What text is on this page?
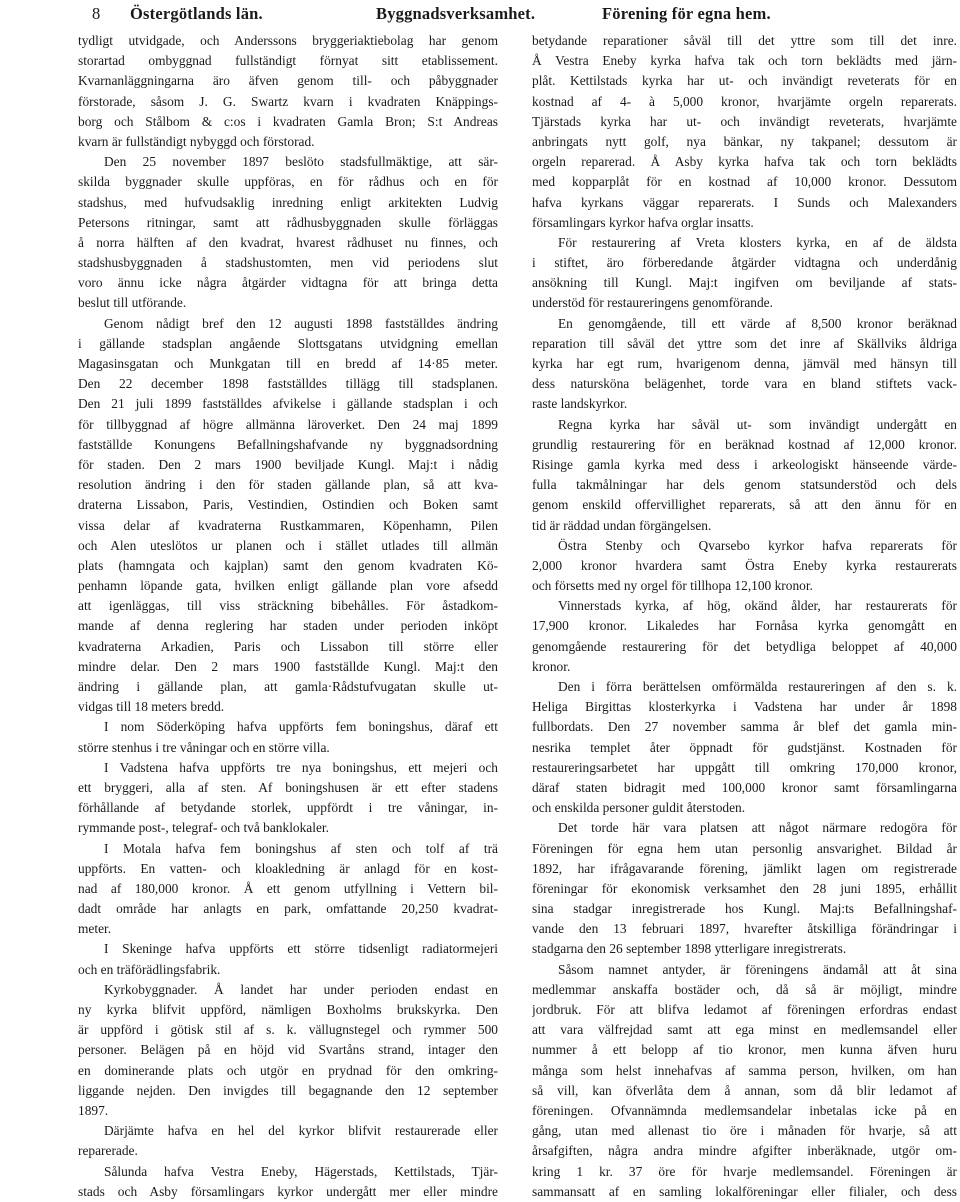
8 Östergötlands län.	Byggnadsverksamhet.	Förening för egna hem.
tydligt utvidgade, och Anderssons bryggeriaktiebolag har genom
storartad ombyggnad fullständigt förnyat sitt etablissement.
Kvarnanläggningarna äro äfven genom till- och påbyggnader
förstorade, såsom J. G. Swartz kvarn i kvadraten Knäppings-
borg och Stålbom & c:os i kvadraten Gamla Bron; S:t Andreas
kvarn är fullständigt nybyggd och förstorad.
Den 25 november 1897 beslöto stadsfullmäktige, att sär-
skilda byggnader skulle uppföras, en för rådhus och en för
stadshus, med hufvudsaklig inredning enligt arkitekten Ludvig
Petersons ritningar, samt att rådhusbyggnaden skulle förläggas
å norra hälften af den kvadrat, hvarest rådhuset nu finnes, och
stadshusbyggnaden å stadshustomten, men vid periodens slut
voro ännu icke några åtgärder vidtagna för att bringa detta
beslut till utförande.
Genom nådigt bref den 12 augusti 1898 fastställdes ändring
i gällande stadsplan angående Slottsgatans utvidgning emellan
Magasinsgatan och Munkgatan till en bredd af 14·85 meter.
Den 22 december 1898 fastställdes tillägg till stadsplanen.
Den 21 juli 1899 fastställdes afvikelse i gällande stadsplan i och
för tillbyggnad af högre allmänna läroverket. Den 24 maj 1899
fastställde Konungens Befallningshafvande ny byggnadsordning
för staden. Den 2 mars 1900 beviljade Kungl. Maj:t i nådig
resolution ändring i den för staden gällande plan, så att kva-
draterna Lissabon, Paris, Vestindien, Ostindien och Boken samt
vissa delar af kvadraterna Rustkammaren, Köpenhamn, Pilen
och Alen uteslötos ur planen och i stället utlades till allmän
plats (hamngata och kajplan) samt den genom kvadraten Kö-
penhamn löpande gata, hvilken enligt gällande plan vore afsedd
att igenläggas, till viss sträckning bibehålles. För åstadkom-
mande af denna reglering har staden under perioden inköpt
kvadraterna Arkadien, Paris och Lissabon till större eller
mindre delar. Den 2 mars 1900 fastställde Kungl. Maj:t den
ändring i gällande plan, att gamla·Rådstufvugatan skulle ut-
vidgas till 18 meters bredd.
I nom Söderköping hafva uppförts fem boningshus, däraf ett
större stenhus i tre våningar och en större villa.
I Vadstena hafva uppförts tre nya boningshus, ett mejeri och
ett bryggeri, alla af sten. Af boningshusen är ett efter stadens
förhållande af betydande storlek, uppfördt i tre våningar, in-
rymmande post-, telegraf- och två banklokaler.
I Motala hafva fem boningshus af sten och tolf af trä
uppförts. En vatten- och kloakledning är anlagd för en kost-
nad af 180,000 kronor. Å ett genom utfyllning i Vettern bil-
dadt område har anlagts en park, omfattande 20,250 kvadrat-
meter.
I Skeninge hafva uppförts ett större tidsenligt radiatormejeri
och en träförädlingsfabrik.
Kyrkobyggnader. Å landet har under perioden endast en
ny kyrka blifvit uppförd, nämligen Boxholms brukskyrka. Den
är uppförd i götisk stil af s. k. vällugnstegel och rymmer 500
personer. Belägen på en höjd vid Svartåns strand, intager den
en dominerande plats och utgör en prydnad för den omkring-
liggande nejden. Den invigdes till begagnande den 12 september
1897.
Därjämte hafva en hel del kyrkor blifvit restaurerade eller
reparerade.
Sålunda hafva Vestra Eneby, Hägerstads, Kettilstads, Tjär-
stads och Asby församlingars kyrkor undergått mer eller mindre
betydande reparationer såväl till det yttre som till det inre.
Å Vestra Eneby kyrka hafva tak och torn beklädts med järn-
plåt. Kettilstads kyrka har ut- och invändigt reveterats för en
kostnad af 4- à 5,000 kronor, hvarjämte orgeln reparerats.
Tjärstads kyrka har ut- och invändigt reveterats, hvarjämte
anbringats nytt golf, nya bänkar, ny takpanel; dessutom är
orgeln reparerad. Å Asby kyrka hafva tak och torn beklädts
med kopparplåt för en kostnad af 10,000 kronor. Dessutom
hafva kyrkans väggar reparerats. I Sunds och Malexanders
församlingars kyrkor hafva orglar insatts.
För restaurering af Vreta klosters kyrka, en af de äldsta
i stiftet, äro förberedande åtgärder vidtagna och underdånig
ansökning till Kungl. Maj:t ingifven om beviljande af stats-
understöd för restaureringens genomförande.
En genomgående, till ett värde af 8,500 kronor beräknad
reparation till såväl det yttre som det inre af Skällviks åldriga
kyrka har egt rum, hvarigenom denna, jämväl med hänsyn till
dess natursköna belägenhet, torde vara en bland stiftets vack-
raste landskyrkor.
Regna kyrka har såväl ut- som invändigt undergått en
grundlig restaurering för en beräknad kostnad af 12,000 kronor.
Risinge gamla kyrka med dess i arkeologiskt hänseende värde-
fulla takmålningar har dels genom statsunderstöd och dels
genom enskild offervillighet reparerats, så att den ännu för en
tid är räddad undan förgängelsen.
Östra Stenby och Qvarsebo kyrkor hafva reparerats för
2,000 kronor hvardera samt Östra Eneby kyrka restaurerats
och försetts med ny orgel för tillhopa 12,100 kronor.
Vinnerstads kyrka, af hög, okänd ålder, har restaurerats för
17,900 kronor. Likaledes har Fornåsa kyrka genomgått en
genomgående restaurering för det betydliga beloppet af 40,000
kronor.
Den i förra berättelsen omförmälda restaureringen af den s. k.
Heliga Birgittas klosterkyrka i Vadstena har under år 1898
fullbordats. Den 27 november samma år blef det gamla min-
nesrika templet åter öppnadt för gudstjänst. Kostnaden för
restaureringsarbetet har uppgått till omkring 170,000 kronor,
däraf staten bidragit med 100,000 kronor samt församlingarna
och enskilda personer guldit återstoden.
Det torde här vara platsen att något närmare redogöra för
Föreningen för egna hem utan personlig ansvarighet. Bildad år
1892, har ifrågavarande förening, jämlikt lagen om registrerade
föreningar för ekonomisk verksamhet den 28 juni 1895, erhållit
sina stadgar inregistrerade hos Kungl. Maj:ts Befallningshaf-
vande den 13 februari 1897, hvarefter åtskilliga förändringar i
stadgarna den 26 september 1898 ytterligare inregistrerats.
Såsom namnet antyder, är föreningens ändamål att åt sina
medlemmar anskaffa bostäder och, då så är möjligt, mindre
jordbruk. För att blifva ledamot af föreningen erfordras endast
att vara välfrejdad samt att ega minst en medlemsandel eller
nummer å ett belopp af tio kronor, men kunna äfven huru
många som helst innehafvas af samma person, hvilken, om han
så vill, kan öfverlåta dem å annan, som då blir ledamot af
föreningen. Ofvannämnda medlemsandelar inbetalas icke på en
gång, utan med allenast tio öre i månaden för hvarje, så att
årsafgiften, några andra mindre afgifter inberäknade, utgör om-
kring 1 kr. 37 öre för hvarje medlemsandel. Föreningen är
sammansatt af en samling lokalföreningar eller filialer, och dess
